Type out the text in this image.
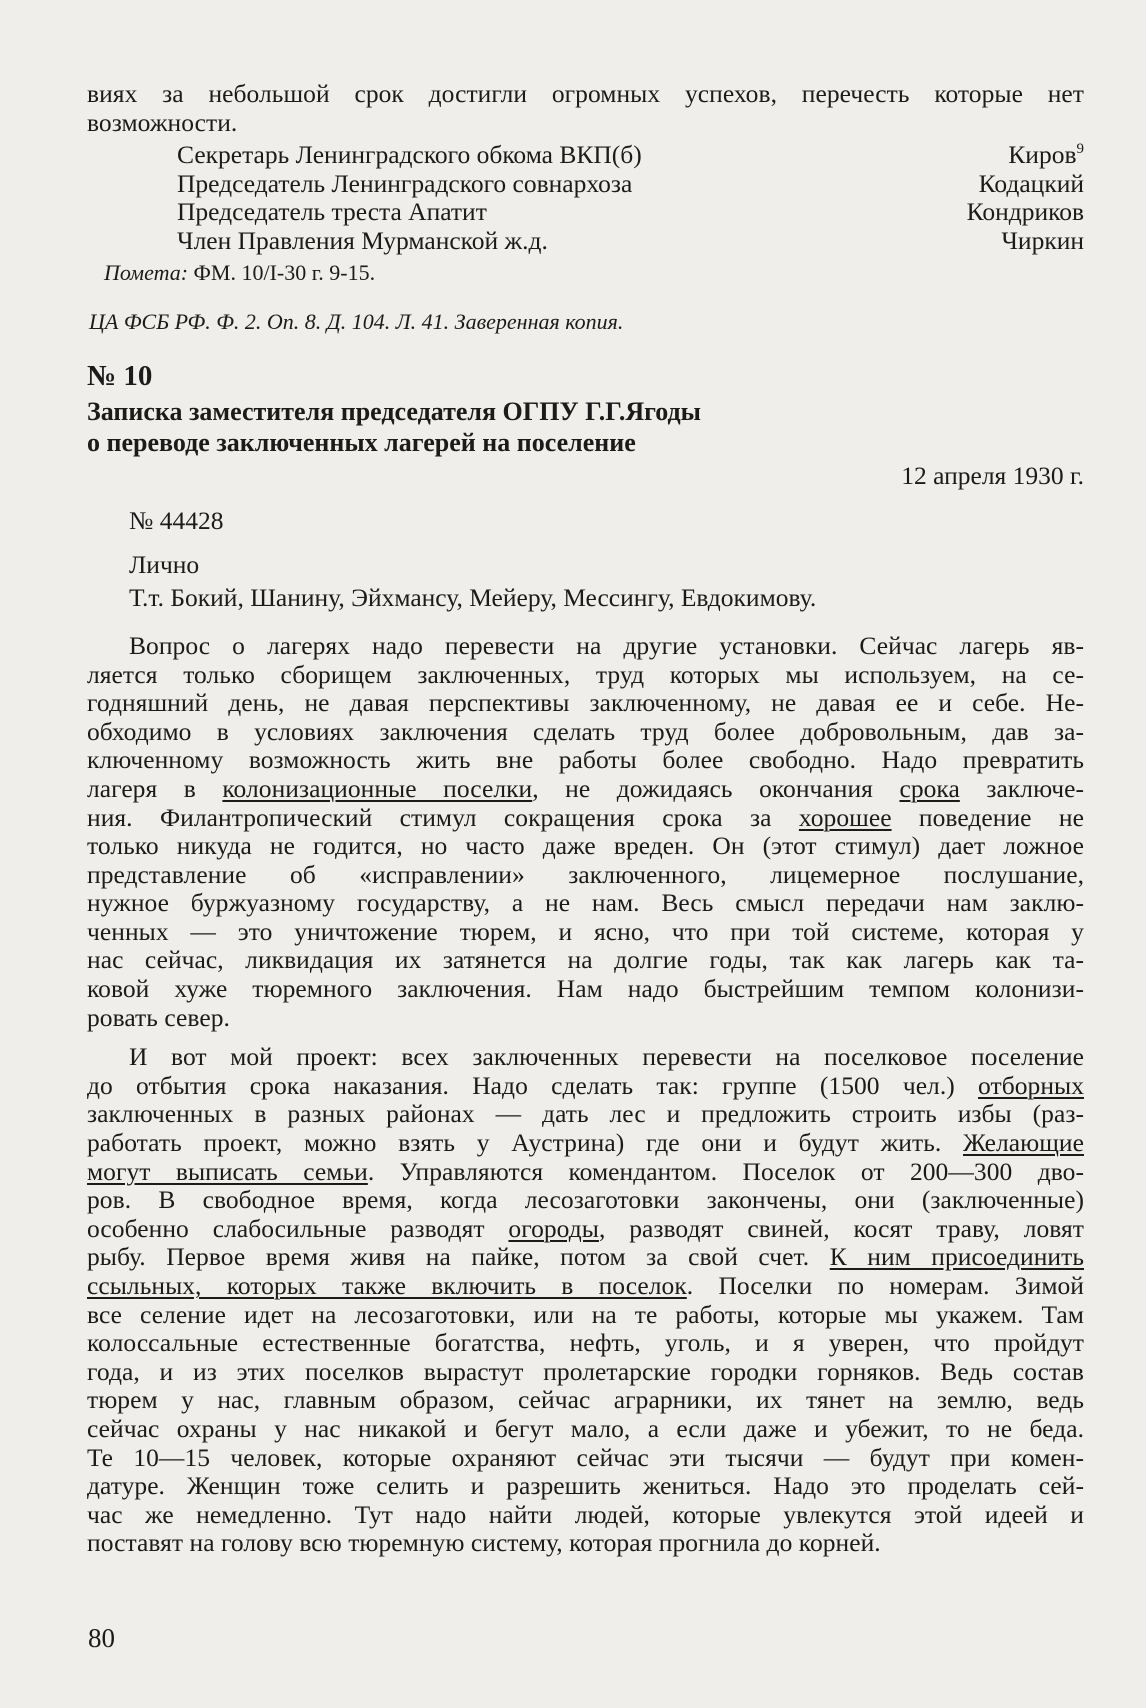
виях за небольшой срок достигли огромных успехов, перечесть которые нет
возможности.
Секретарь Ленинградского обкома ВКП(б)	Киров$^9$
Председатель Ленинградского совнархоза	Кодацкий
Председатель треста Апатит	Кондриков
Член Правления Мурманской ж.д.	Чиркин
Помета: ФМ. 10/I-30 г. 9-15.
ЦА ФСБ РФ. Ф. 2. Оп. 8. Д. 104. Л. 41. Заверенная копия.
№ 10
Записка заместителя председателя ОГПУ Г.Г.Ягоды
о переводе заключенных лагерей на поселение
12 апреля 1930 г.
№ 44428
Лично
Т.т. Бокий, Шанину, Эйхмансу, Мейеру, Мессингу, Евдокимову.
Вопрос о лагерях надо перевести на другие установки. Сейчас лагерь яв-
ляется только сборищем заключенных, труд которых мы используем, на се-
годняшний день, не давая перспективы заключенному, не давая ее и себе. Не-
обходимо в условиях заключения сделать труд более добровольным, дав за-
ключенному возможность жить вне работы более свободно. Надо превратить
лагеря в колонизационные поселки, не дожидаясь окончания срока заключе-
ния. Филантропический стимул сокращения срока за хорошее поведение не
только никуда не годится, но часто даже вреден. Он (этот стимул) дает ложное
представление об «исправлении» заключенного, лицемерное послушание,
нужное буржуазному государству, а не нам. Весь смысл передачи нам заклю-
ченных — это уничтожение тюрем, и ясно, что при той системе, которая у
нас сейчас, ликвидация их затянется на долгие годы, так как лагерь как та-
ковой хуже тюремного заключения. Нам надо быстрейшим темпом колонизи-
ровать север.
И вот мой проект: всех заключенных перевести на поселковое поселение
до отбытия срока наказания. Надо сделать так: группе (1500 чел.) отборных
заключенных в разных районах — дать лес и предложить строить избы (раз-
работать проект, можно взять у Аустрина) где они и будут жить. Желающие
могут выписать семьи. Управляются комендантом. Поселок от 200—300 дво-
ров. В свободное время, когда лесозаготовки закончены, они (заключенные)
особенно слабосильные разводят огороды, разводят свиней, косят траву, ловят
рыбу. Первое время живя на пайке, потом за свой счет. К ним присоединить
ссыльных, которых также включить в поселок. Поселки по номерам. Зимой
все селение идет на лесозаготовки, или на те работы, которые мы укажем. Там
колоссальные естественные богатства, нефть, уголь, и я уверен, что пройдут
года, и из этих поселков вырастут пролетарские городки горняков. Ведь состав
тюрем у нас, главным образом, сейчас аграрники, их тянет на землю, ведь
сейчас охраны у нас никакой и бегут мало, а если даже и убежит, то не беда.
Те 10—15 человек, которые охраняют сейчас эти тысячи — будут при комен-
датуре. Женщин тоже селить и разрешить жениться. Надо это проделать сей-
час же немедленно. Тут надо найти людей, которые увлекутся этой идеей и
поставят на голову всю тюремную систему, которая прогнила до корней.
80
